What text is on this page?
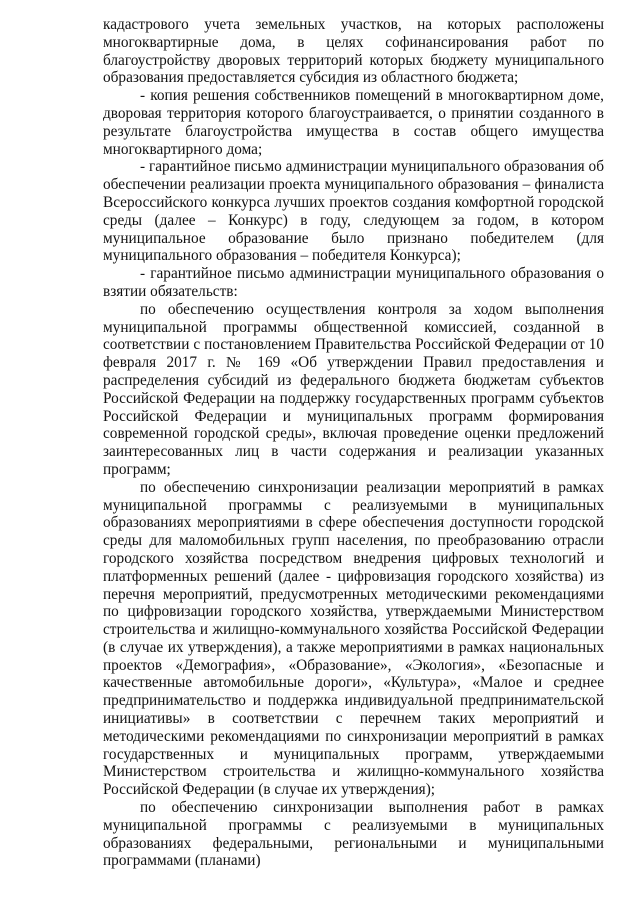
кадастрового учета земельных участков, на которых расположены многоквартирные дома, в целях софинансирования работ по благоустройству дворовых территорий которых бюджету муниципального образования предоставляется субсидия из областного бюджета;

- копия решения собственников помещений в многоквартирном доме, дворовая территория которого благоустраивается, о принятии созданного в результате благоустройства имущества в состав общего имущества многоквартирного дома;

- гарантийное письмо администрации муниципального образования об обеспечении реализации проекта муниципального образования – финалиста Всероссийского конкурса лучших проектов создания комфортной городской среды (далее – Конкурс) в году, следующем за годом, в котором муниципальное образование было признано победителем (для муниципального образования – победителя Конкурса);

- гарантийное письмо администрации муниципального образования о взятии обязательств:

по обеспечению осуществления контроля за ходом выполнения муниципальной программы общественной комиссией, созданной в соответствии с постановлением Правительства Российской Федерации от 10 февраля 2017 г. № 169 «Об утверждении Правил предоставления и распределения субсидий из федерального бюджета бюджетам субъектов Российской Федерации на поддержку государственных программ субъектов Российской Федерации и муниципальных программ формирования современной городской среды», включая проведение оценки предложений заинтересованных лиц в части содержания и реализации указанных программ;

по обеспечению синхронизации реализации мероприятий в рамках муниципальной программы с реализуемыми в муниципальных образованиях мероприятиями в сфере обеспечения доступности городской среды для маломобильных групп населения, по преобразованию отрасли городского хозяйства посредством внедрения цифровых технологий и платформенных решений (далее - цифровизация городского хозяйства) из перечня мероприятий, предусмотренных методическими рекомендациями по цифровизации городского хозяйства, утверждаемыми Министерством строительства и жилищно-коммунального хозяйства Российской Федерации (в случае их утверждения), а также мероприятиями в рамках национальных проектов «Демография», «Образование», «Экология», «Безопасные и качественные автомобильные дороги», «Культура», «Малое и среднее предпринимательство и поддержка индивидуальной предпринимательской инициативы» в соответствии с перечнем таких мероприятий и методическими рекомендациями по синхронизации мероприятий в рамках государственных и муниципальных программ, утверждаемыми Министерством строительства и жилищно-коммунального хозяйства Российской Федерации (в случае их утверждения);

по обеспечению синхронизации выполнения работ в рамках муниципальной программы с реализуемыми в муниципальных образованиях федеральными, региональными и муниципальными программами (планами)
